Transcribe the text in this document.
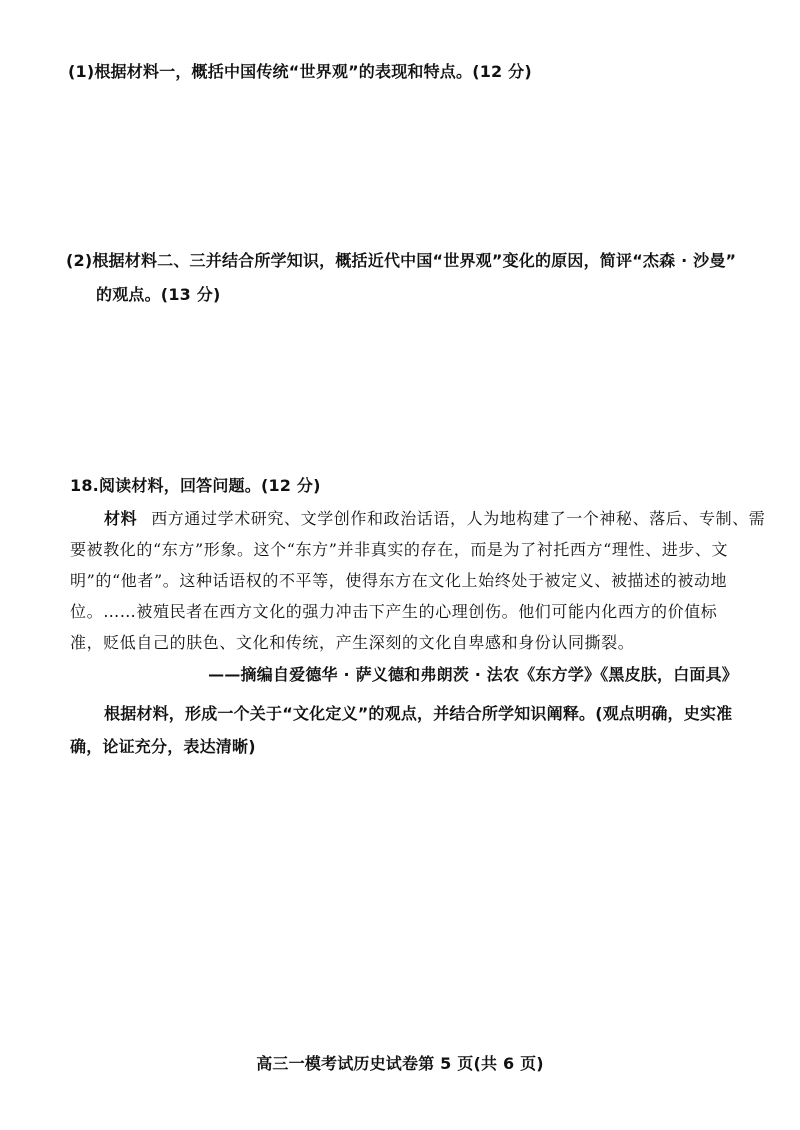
(1)根据材料一，概括中国传统“世界观”的表现和特点。(12 分)
(2)根据材料二、三并结合所学知识，概括近代中国“世界观”变化的原因，简评“杰森 · 沙曼”
的观点。(13 分)
18.阅读材料，回答问题。(12 分)
材料 西方通过学术研究、文学创作和政治话语，人为地构建了一个神秘、落后、专制、需
要被教化的“东方”形象。这个“东方”并非真实的存在，而是为了衬托西方“理性、进步、文
明”的“他者”。这种话语权的不平等，使得东方在文化上始终处于被定义、被描述的被动地
位。……被殖民者在西方文化的强力冲击下产生的心理创伤。他们可能内化西方的价值标
准，贬低自己的肤色、文化和传统，产生深刻的文化自卑感和身份认同撕裂。
——摘编自爱德华 · 萨义德和弗朗茨 · 法农《东方学》《黑皮肤，白面具》
根据材料，形成一个关于“文化定义”的观点，并结合所学知识阐释。(观点明确，史实准
确，论证充分，表达清晰)
高三一模考试历史试卷第 5 页(共 6 页)
